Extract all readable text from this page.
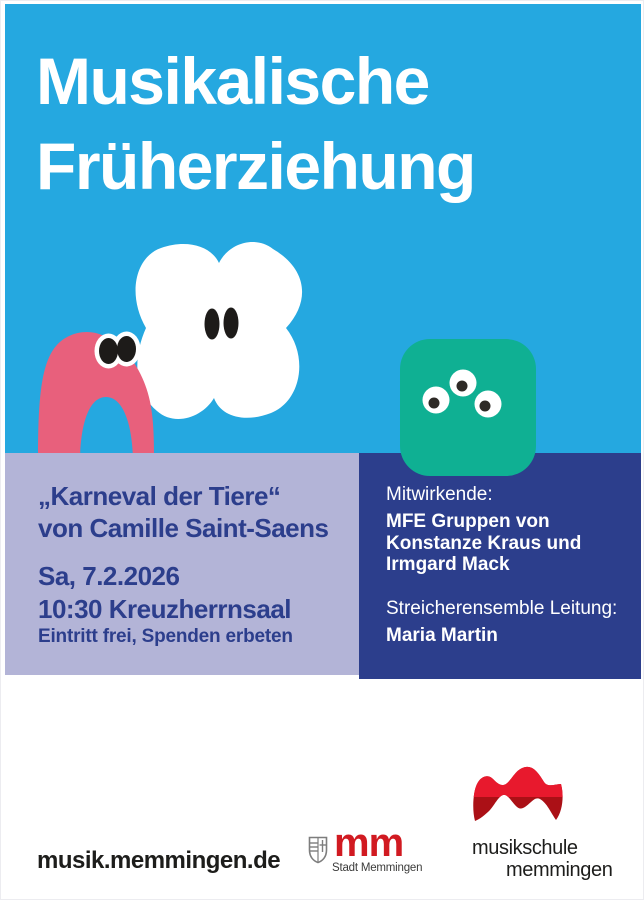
Musikalische
Früherziehung
„Karneval der Tiere“
von Camille Saint-Saens
Sa, 7.2.2026
10:30 Kreuzherrnsaal
Eintritt frei, Spenden erbeten
Mitwirkende:
MFE Gruppen von
Konstanze Kraus und
Irmgard Mack
Streicherensemble Leitung:
Maria Martin
musik.memmingen.de mm
Stadt Memmingen
musikschule
memmingen
